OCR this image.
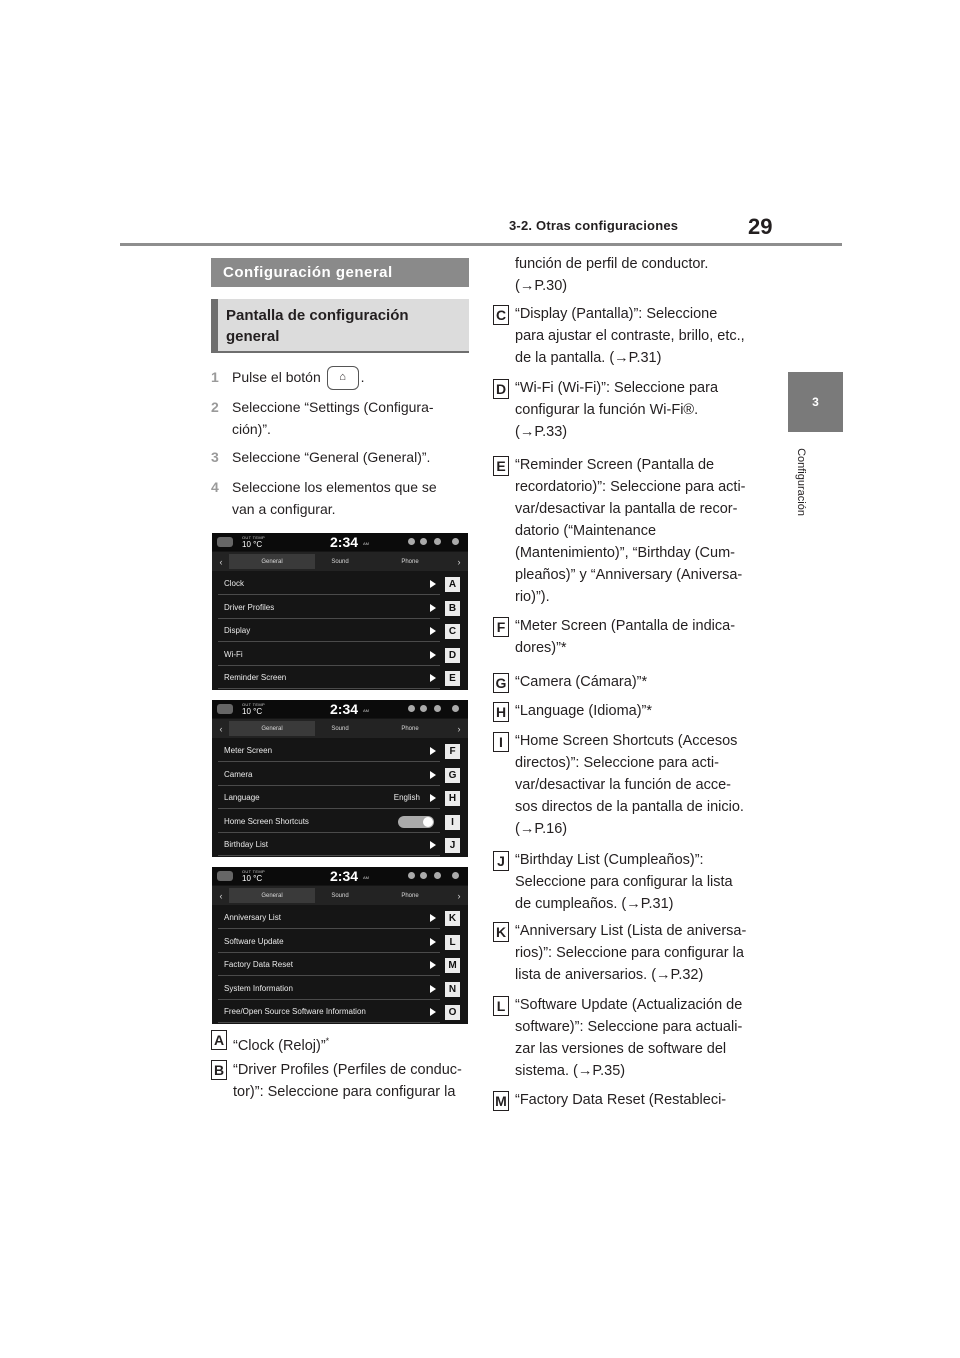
3-2. Otras configuraciones	29
3
Configuración
Configuración general
Pantalla de configuración general
1 Pulse el botón ⌂ .
2 Seleccione “Settings (Configura-ción)”.
3 Seleccione “General (General)”.
4 Seleccione los elementos que se van a configurar.
OUT TEMP
10 °C	2:34 AM
‹	›
General	Sound	Phone
Clock	A
Driver Profiles	B
Display	C
Wi-Fi	D
Reminder Screen	E
OUT TEMP
10 °C	2:34 AM
‹	›
General	Sound	Phone
Meter Screen	F
Camera	G
Language	English	H
Home Screen Shortcuts	I
Birthday List	J
OUT TEMP
10 °C	2:34 AM
‹	›
General	Sound	Phone
Anniversary List	K
Software Update	L
Factory Data Reset	M
System Information	N
Free/Open Source Software Information	O
A “Clock (Reloj)”*
B “Driver Profiles (Perfiles de conduc-
tor)”: Seleccione para configurar la
función de perfil de conductor.
(→P.30)
C “Display (Pantalla)”: Seleccione
para ajustar el contraste, brillo, etc.,
de la pantalla. (→P.31)
D “Wi-Fi (Wi-Fi)”: Seleccione para
configurar la función Wi-Fi®.
(→P.33)
E “Reminder Screen (Pantalla de
recordatorio)”: Seleccione para acti-
var/desactivar la pantalla de recor-
datorio (“Maintenance
(Mantenimiento)”, “Birthday (Cum-
pleaños)” y “Anniversary (Aniversa-
rio)”).
F “Meter Screen (Pantalla de indica-
dores)”*
G “Camera (Cámara)”*
H “Language (Idioma)”*
I “Home Screen Shortcuts (Accesos
directos)”: Seleccione para acti-
var/desactivar la función de acce-
sos directos de la pantalla de inicio.
(→P.16)
J “Birthday List (Cumpleaños)”:
Seleccione para configurar la lista
de cumpleaños. (→P.31)
K “Anniversary List (Lista de aniversa-
rios)”: Seleccione para configurar la
lista de aniversarios. (→P.32)
L “Software Update (Actualización de
software)”: Seleccione para actuali-
zar las versiones de software del
sistema. (→P.35)
M “Factory Data Reset (Restableci-
